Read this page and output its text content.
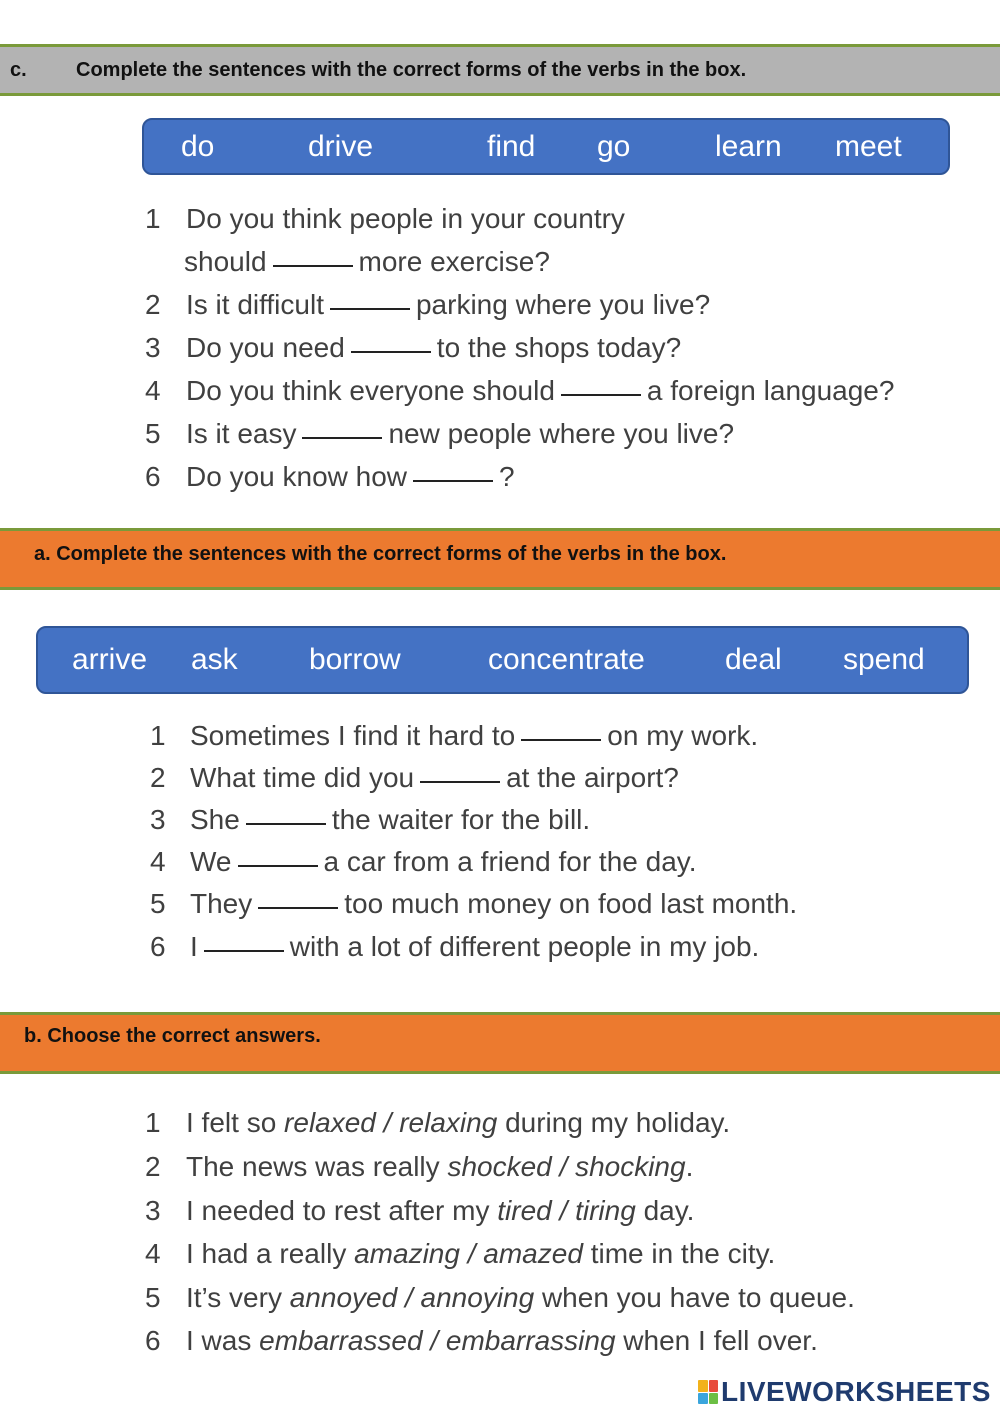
c. Complete the sentences with the correct forms of the verbs in the box.
do	drive	find go	learn meet
1 Do you think people in your country
should	more exercise?
2 Is it difficult	parking where you live?
3 Do you need	to the shops today?
4 Do you think everyone should	a foreign language?
5 Is it easy	new people where you live?
6 Do you know how	?
a. Complete the sentences with the correct forms of the verbs in the box.
arrive ask borrow	concentrate	deal spend
1 Sometimes I find it hard to	on my work.
2 What time did you	at the airport?
3 She	the waiter for the bill.
4 We	a car from a friend for the day.
5 They	too much money on food last month.
6 I	with a lot of different people in my job.
b. Choose the correct answers.
1 I felt so relaxed / relaxing during my holiday.
2 The news was really shocked / shocking.
3 I needed to rest after my tired / tiring day.
4 I had a really amazing / amazed time in the city.
5 It’s very annoyed / annoying when you have to queue.
6 I was embarrassed / embarrassing when I fell over.
LIVEWORKSHEETS
